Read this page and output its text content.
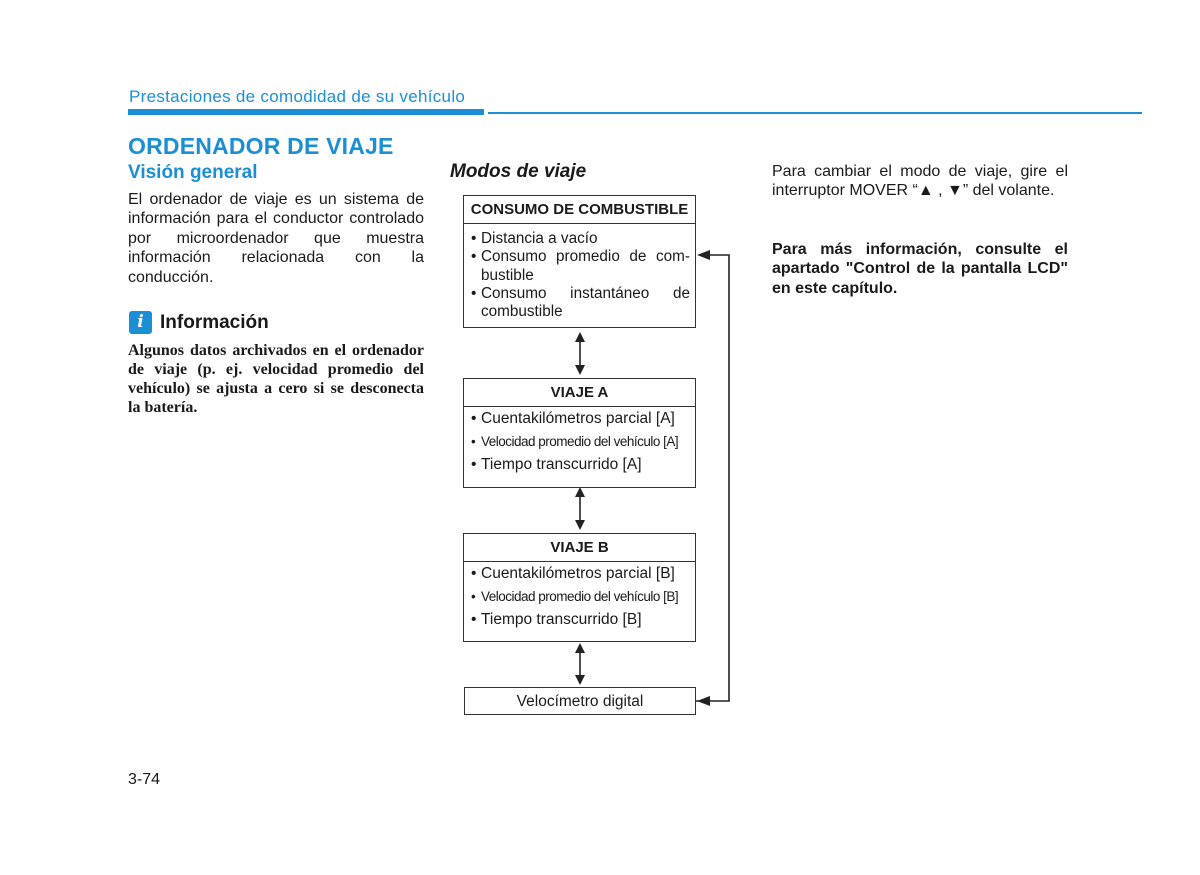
Prestaciones de comodidad de su vehículo
ORDENADOR DE VIAJE
Visión general
El ordenador de viaje es un sistema de información para el conductor controlado por microordenador que muestra información relacionada con la conducción.
i Información
Algunos datos archivados en el ordenador de viaje (p. ej. velocidad promedio del vehículo) se ajusta a cero si se desconecta la batería.
Modos de viaje
CONSUMO DE COMBUSTIBLE
• Distancia a vacío
• Consumo promedio de com- bustible
• Consumo instantáneo de combustible
VIAJE A
• Cuentakilómetros parcial [A]
• Velocidad promedio del vehículo [A]
• Tiempo transcurrido [A]
VIAJE B
• Cuentakilómetros parcial [B]
• Velocidad promedio del vehículo [B]
• Tiempo transcurrido [B]
Velocímetro digital
Para cambiar el modo de viaje, gire el interruptor MOVER “▲ , ▼” del volante.
Para más información, consulte el apartado "Control de la pantalla LCD" en este capítulo.
3-74
